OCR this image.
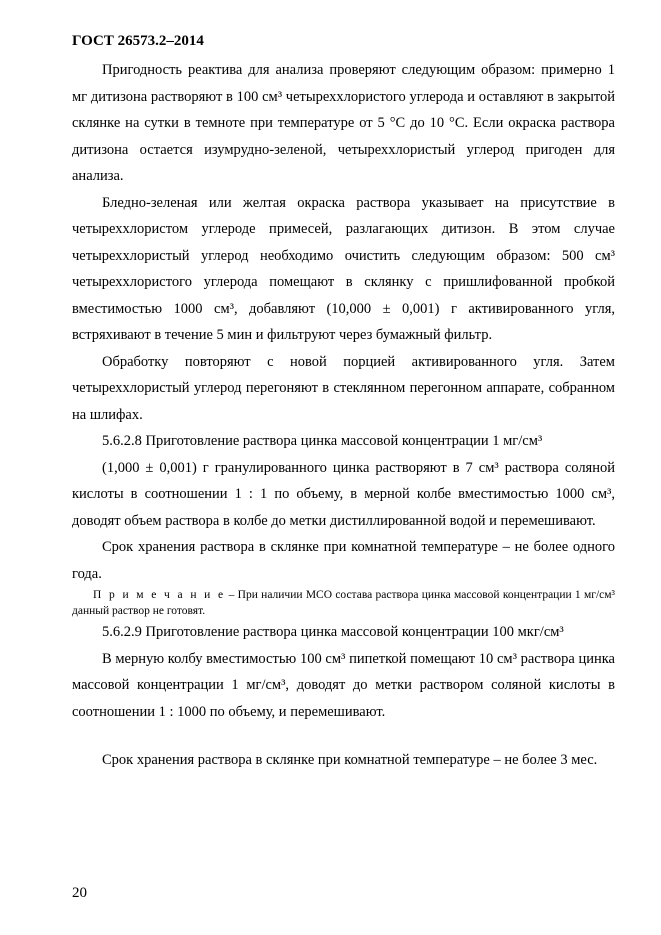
ГОСТ 26573.2–2014

Пригодность реактива для анализа проверяют следующим образом: примерно 1 мг дитизона растворяют в 100 см³ четыреххлористого углерода и оставляют в закрытой склянке на сутки в темноте при температуре от 5 °С до 10 °С. Если окраска раствора дитизона остается изумрудно-зеленой, четыреххлористый углерод пригоден для анализа.

Бледно-зеленая или желтая окраска раствора указывает на присутствие в четыреххлористом углероде примесей, разлагающих дитизон. В этом случае четыреххлористый углерод необходимо очистить следующим образом: 500 см³ четыреххлористого углерода помещают в склянку с пришлифованной пробкой вместимостью 1000 см³, добавляют (10,000 ± 0,001) г активированного угля, встряхивают в течение 5 мин и фильтруют через бумажный фильтр.

Обработку повторяют с новой порцией активированного угля. Затем четыреххлористый углерод перегоняют в стеклянном перегонном аппарате, собранном на шлифах.

5.6.2.8 Приготовление раствора цинка массовой концентрации 1 мг/см³

(1,000 ± 0,001) г гранулированного цинка растворяют в 7 см³ раствора соляной кислоты в соотношении 1 : 1 по объему, в мерной колбе вместимостью 1000 см³, доводят объем раствора в колбе до метки дистиллированной водой и перемешивают.

Срок хранения раствора в склянке при комнатной температуре – не более одного года.

П р и м е ч а н и е – При наличии МСО состава раствора цинка массовой концентрации 1 мг/см³ данный раствор не готовят.

5.6.2.9 Приготовление раствора цинка массовой концентрации 100 мкг/см³

В мерную колбу вместимостью 100 см³ пипеткой помещают 10 см³ раствора цинка массовой концентрации 1 мг/см³, доводят до метки раствором соляной кислоты в соотношении 1 : 1000 по объему, и перемешивают.

Срок хранения раствора в склянке при комнатной температуре – не более 3 мес.

20
